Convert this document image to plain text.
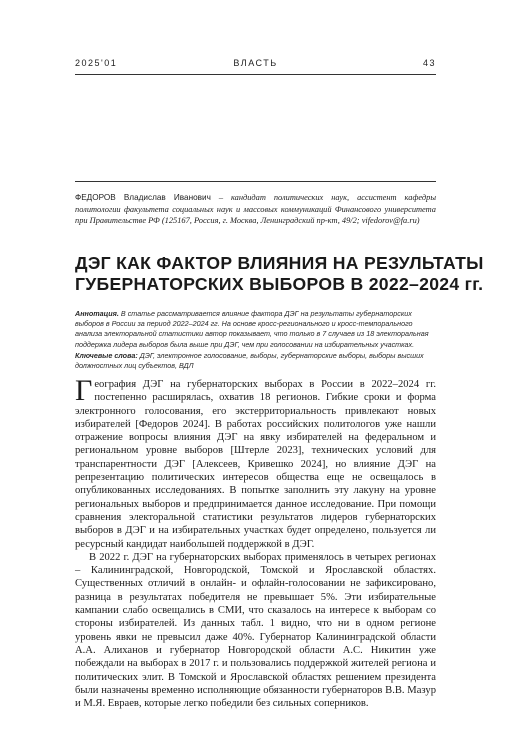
2025'01	ВЛАСТЬ	43
ФЕДОРОВ Владислав Иванович – кандидат политических наук, ассистент кафедры политологии факультета социальных наук и массовых коммуникаций Финансового университета при Правительстве РФ (125167, Россия, г. Москва, Ленинградский пр-кт, 49/2; vifedorov@fa.ru)
ДЭГ КАК ФАКТОР ВЛИЯНИЯ НА РЕЗУЛЬТАТЫ
ГУБЕРНАТОРСКИХ ВЫБОРОВ В 2022–2024 гг.

Аннотация. В статье рассматривается влияние фактора ДЭГ на результаты губернаторских выборов в России за период 2022–2024 гг. На основе кросс-регионального и кросс-темпорального анализа электоральной статистики автор показывает, что только в 7 случаев из 18 электоральная поддержка лидера выборов была выше при ДЭГ, чем при голосовании на избирательных участках.

Ключевые слова: ДЭГ, электронное голосование, выборы, губернаторские выборы, выборы высших должностных лиц субъектов, ВДЛ

География ДЭГ на губернаторских выборах в России в 2022–2024 гг. постепенно расширялась, охватив 18 регионов. Гибкие сроки и форма электронного голосования, его экстерриториальность привлекают новых избирателей [Федоров 2024]. В работах российских политологов уже нашли отражение вопросы влияния ДЭГ на явку избирателей на федеральном и региональном уровне выборов [Штерле 2023], технических условий для транспарентности ДЭГ [Алексеев, Кривешко 2024], но влияние ДЭГ на репрезентацию политических интересов общества еще не освещалось в опубликованных исследованиях. В попытке заполнить эту лакуну на уровне региональных выборов и предпринимается данное исследование. При помощи сравнения электоральной статистики результатов лидеров губернаторских выборов в ДЭГ и на избирательных участках будет определено, пользуется ли ресурсный кандидат наибольшей поддержкой в ДЭГ.

В 2022 г. ДЭГ на губернаторских выборах применялось в четырех регионах – Калининградской, Новгородской, Томской и Ярославской областях. Существенных отличий в онлайн- и офлайн-голосовании не зафиксировано, разница в результатах победителя не превышает 5%. Эти избирательные кампании слабо освещались в СМИ, что сказалось на интересе к выборам со стороны избирателей. Из данных табл. 1 видно, что ни в одном регионе уровень явки не превысил даже 40%. Губернатор Калининградской области А.А. Алиханов и губернатор Новгородской области А.С. Никитин уже побеждали на выборах в 2017 г. и пользовались поддержкой жителей региона и политических элит. В Томской и Ярославской областях решением президента были назначены временно исполняющие обязанности губернаторов В.В. Мазур и М.Я. Евраев, которые легко победили без сильных соперников.
